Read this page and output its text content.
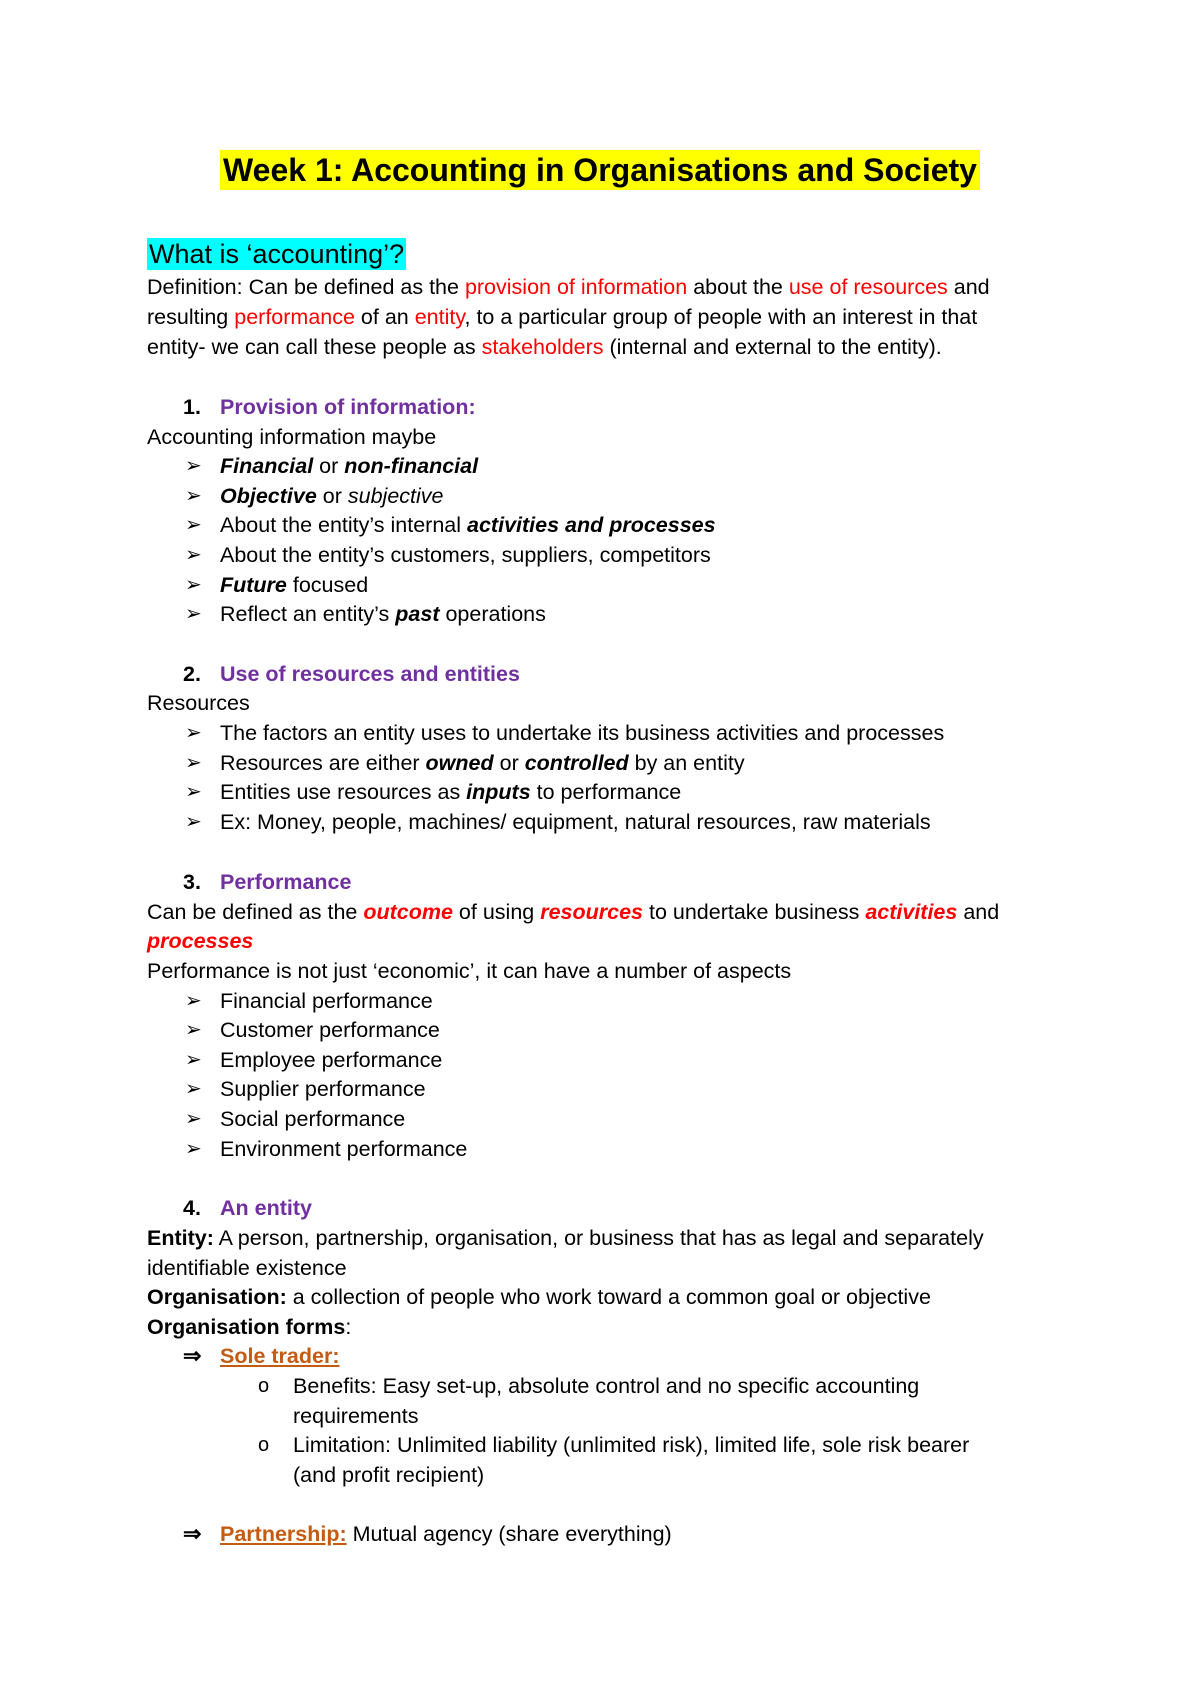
Week 1: Accounting in Organisations and Society
What is ‘accounting’?
Definition: Can be defined as the provision of information about the use of resources and
resulting performance of an entity, to a particular group of people with an interest in that
entity- we can call these people as stakeholders (internal and external to the entity).
1. Provision of information:
Accounting information maybe
➢ Financial or non-financial
➢ Objective or subjective
➢ About the entity’s internal activities and processes
➢ About the entity’s customers, suppliers, competitors
➢ Future focused
➢ Reflect an entity’s past operations
2. Use of resources and entities
Resources
➢ The factors an entity uses to undertake its business activities and processes
➢ Resources are either owned or controlled by an entity
➢ Entities use resources as inputs to performance
➢ Ex: Money, people, machines/ equipment, natural resources, raw materials
3. Performance
Can be defined as the outcome of using resources to undertake business activities and
processes
Performance is not just ‘economic’, it can have a number of aspects
➢ Financial performance
➢ Customer performance
➢ Employee performance
➢ Supplier performance
➢ Social performance
➢ Environment performance
4. An entity
Entity: A person, partnership, organisation, or business that has as legal and separately
identifiable existence
Organisation: a collection of people who work toward a common goal or objective
Organisation forms:
⇒ Sole trader:
o Benefits: Easy set-up, absolute control and no specific accounting
requirements
o Limitation: Unlimited liability (unlimited risk), limited life, sole risk bearer
(and profit recipient)
⇒ Partnership: Mutual agency (share everything)
